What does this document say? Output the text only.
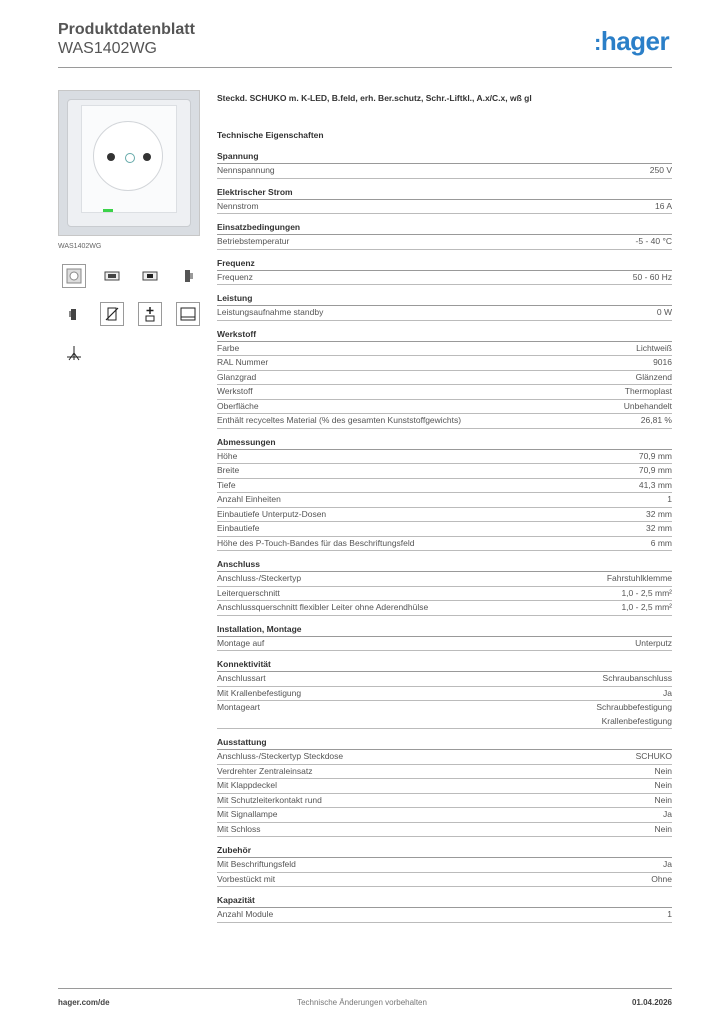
Produktdatenblatt
WAS1402WG	:hager
WAS1402WG
Steckd. SCHUKO m. K-LED, B.feld, erh. Ber.schutz, Schr.-Liftkl., A.x/C.x, wß gl
Technische Eigenschaften
Spannung
Nennspannung	250 V
Elektrischer Strom
Nennstrom	16 A
Einsatzbedingungen
Betriebstemperatur	-5 - 40 °C
Frequenz
Frequenz	50 - 60 Hz
Leistung
Leistungsaufnahme standby	0 W
Werkstoff
Farbe	Lichtweiß
RAL Nummer	9016
Glanzgrad	Glänzend
Werkstoff	Thermoplast
Oberfläche	Unbehandelt
Enthält recyceltes Material (% des gesamten Kunststoffgewichts)	26,81 %
Abmessungen
Höhe	70,9 mm
Breite	70,9 mm
Tiefe	41,3 mm
Anzahl Einheiten	1
Einbautiefe Unterputz-Dosen	32 mm
Einbautiefe	32 mm
Höhe des P-Touch-Bandes für das Beschriftungsfeld	6 mm
Anschluss
Anschluss-/Steckertyp	Fahrstuhlklemme
Leiterquerschnitt	1,0 - 2,5 mm²
Anschlussquerschnitt flexibler Leiter ohne Aderendhülse	1,0 - 2,5 mm²
Installation, Montage
Montage auf	Unterputz
Konnektivität
Anschlussart	Schraubanschluss
Mit Krallenbefestigung	Ja
Montageart	Schraubbefestigung
Krallenbefestigung
Ausstattung
Anschluss-/Steckertyp Steckdose	SCHUKO
Verdrehter Zentraleinsatz	Nein
Mit Klappdeckel	Nein
Mit Schutzleiterkontakt rund	Nein
Mit Signallampe	Ja
Mit Schloss	Nein
Zubehör
Mit Beschriftungsfeld	Ja
Vorbestückt mit	Ohne
Kapazität
Anzahl Module	1
hager.com/de	Technische Änderungen vorbehalten	01.04.2026
